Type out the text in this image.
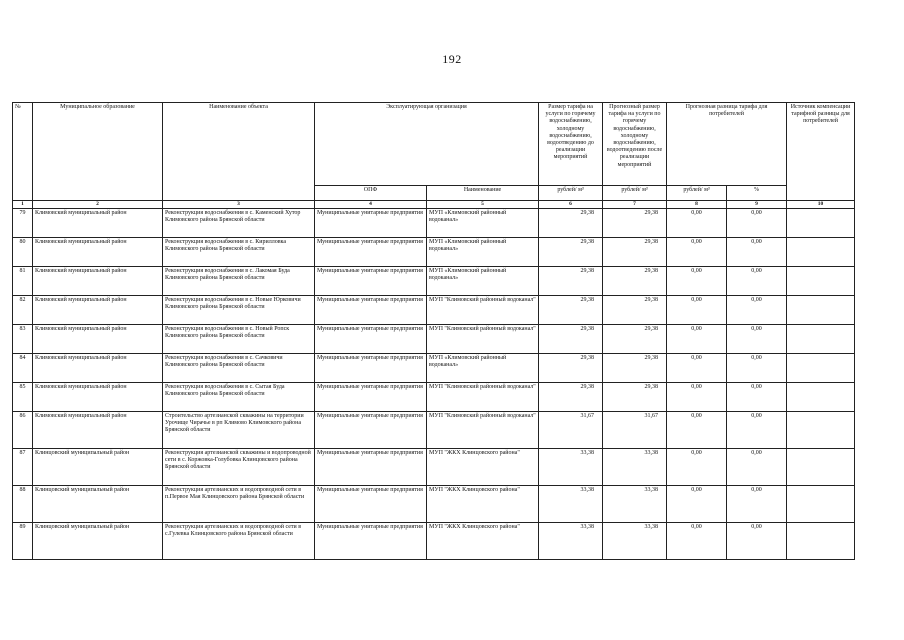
192
№	Муниципальное образование	Наименование объекта	Эксплуатирующая организация		Размер тарифа на услуги по горячему водоснабжению, холодному водоснабжению, водоотведению до реализации мероприятий	Прогнозный размер тарифа на услуги по горячему водоснабжению, холодному водоснабжению, водоотведению после реализации мероприятий	Прогнозная разница тарифа для потребителей		Источник компенсации тарифной разницы для потребителей
			ОПФ	Наименование	рублей/ м³	рублей/ м³	рублей/ м³	%	
1	2	3	4	5	6	7	8	9	10
79	Климовский муниципальный район	Реконструкция водоснабжения в с. Каменский Хутор Климовского района Брянской области	Муниципальные унитарные предприятия	МУП «Климовский районный водоканал»	29,38	29,38	0,00	0,00	
80	Климовский муниципальный район	Реконструкция водоснабжения в с. Кирилловка Климовского района Брянской области	Муниципальные унитарные предприятия	МУП «Климовский районный водоканал»	29,38	29,38	0,00	0,00	
81	Климовский муниципальный район	Реконструкция водоснабжения в с. Лакомая Буда Климовского района Брянской области	Муниципальные унитарные предприятия	МУП «Климовский районный водоканал»	29,38	29,38	0,00	0,00	
82	Климовский муниципальный район	Реконструкция водоснабжения в с. Новые Юрковичи Климовского района Брянской области	Муниципальные унитарные предприятия	МУП "Климовский районный водоканал"	29,38	29,38	0,00	0,00	
83	Климовский муниципальный район	Реконструкция водоснабжения в с. Новый Ропск Климовского района Брянской области	Муниципальные унитарные предприятия	МУП "Климовский районный водоканал"	29,38	29,38	0,00	0,00	
84	Климовский муниципальный район	Реконструкция водоснабжения в с. Сачковичи Климовского района Брянской области	Муниципальные унитарные предприятия	МУП «Климовский районный водоканал»	29,38	29,38	0,00	0,00	
85	Климовский муниципальный район	Реконструкция водоснабжения в с. Сытая Буда Климовского района Брянской области	Муниципальные унитарные предприятия	МУП "Климовский районный водоканал"	29,38	29,38	0,00	0,00	
86	Климовский муниципальный район	Строительство артезианской скважины на территории Урочище Чирачье в рп Климово Климовского района Брянской области	Муниципальные унитарные предприятия	МУП "Климовский районный водоканал"	31,67	31,67	0,00	0,00	
87	Клинцовский муниципальный район	Реконструкция артезианской скважины и водопроводной сети в с. Коржовка-Голубовка Клинцовского района Брянской области	Муниципальные унитарные предприятия	МУП "ЖКХ Клинцовского района"	33,38	33,38	0,00	0,00	
88	Клинцовский муниципальный район	Реконструкция артезианских и водопроводной сети в п.Первое Мая Клинцовского района Брянской области	Муниципальные унитарные предприятия	МУП "ЖКХ Клинцовского района"	33,38	33,38	0,00	0,00	
89	Клинцовский муниципальный район	Реконструкция артезианских и водопроводной сети в с.Гулевка Клинцовского района Брянской области	Муниципальные унитарные предприятия	МУП "ЖКХ Клинцовского района"	33,38	33,38	0,00	0,00	
